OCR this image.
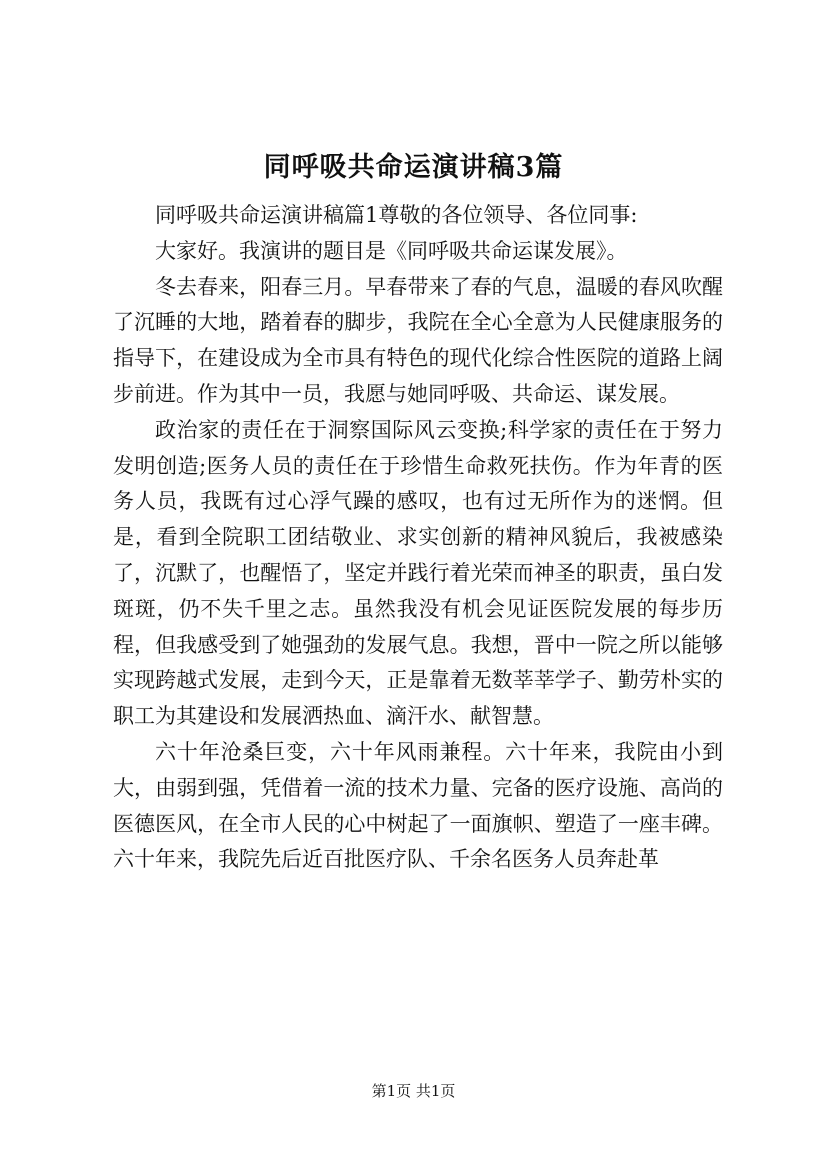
同呼吸共命运演讲稿3篇

同呼吸共命运演讲稿篇1尊敬的各位领导、各位同事:

大家好。我演讲的题目是《同呼吸共命运谋发展》。

冬去春来，阳春三月。早春带来了春的气息，温暖的春风吹醒了沉睡的大地，踏着春的脚步，我院在全心全意为人民健康服务的指导下，在建设成为全市具有特色的现代化综合性医院的道路上阔步前进。作为其中一员，我愿与她同呼吸、共命运、谋发展。

政治家的责任在于洞察国际风云变换;科学家的责任在于努力发明创造;医务人员的责任在于珍惜生命救死扶伤。作为年青的医务人员，我既有过心浮气躁的感叹，也有过无所作为的迷惘。但是，看到全院职工团结敬业、求实创新的精神风貌后，我被感染了，沉默了，也醒悟了，坚定并践行着光荣而神圣的职责，虽白发斑斑，仍不失千里之志。虽然我没有机会见证医院发展的每步历程，但我感受到了她强劲的发展气息。我想，晋中一院之所以能够实现跨越式发展，走到今天，正是靠着无数莘莘学子、勤劳朴实的职工为其建设和发展洒热血、滴汗水、献智慧。

六十年沧桑巨变，六十年风雨兼程。六十年来，我院由小到大，由弱到强，凭借着一流的技术力量、完备的医疗设施、高尚的医德医风，在全市人民的心中树起了一面旗帜、塑造了一座丰碑。六十年来，我院先后近百批医疗队、千余名医务人员奔赴革

第1页 共1页
